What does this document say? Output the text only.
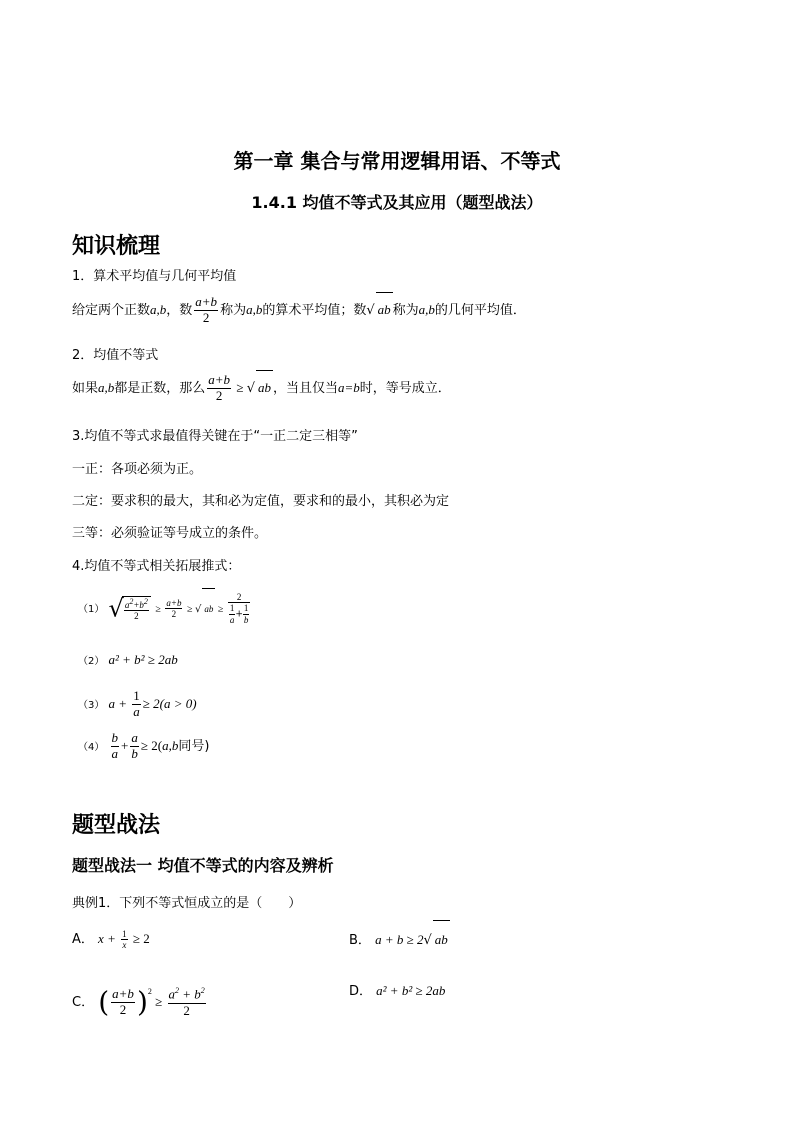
第一章 集合与常用逻辑用语、不等式
1.4.1 均值不等式及其应用（题型战法）
知识梳理
1．算术平均值与几何平均值
给定两个正数a,b，数 $\frac{a+b}{2}$ 称为a,b的算术平均值；数√ ab 称为a,b的几何平均值．
2．均值不等式
如果a,b都是正数，那么 $\frac{a+b}{2}$ ≥ √ ab ，当且仅当a=b时，等号成立．
3.均值不等式求最值得关键在于“一正二定三相等”
一正：各项必须为正。
二定：要求积的最大，其和必为定值，要求和的最小，其积必为定
三等：必须验证等号成立的条件。
4.均值不等式相关拓展推式：
（1） √
$\frac{a^2+b^2}{2} \ge \frac{a+b}{2}$ ≥ √ ab ≥ $\frac{2}{\frac{1}{a} + \frac{1}{b}}$
（2） a² + b² ≥ 2ab
（3） $a + \frac{1}{a} \ge 2(a > 0)$
$(4) \frac{b}{a} + \frac{a}{b} \ge 2(a,b$同号)
题型战法
题型战法一 均值不等式的内容及辨析
典例1．下列不等式恒成立的是（　　）
A． $x + \frac{1}{x} \ge 2$	B． a + b ≥ 2√ ab
C． ( $\frac{a+b}{2} )^2 \ge \frac{a^2 + b^2}{2}$	D． a² + b² ≥ 2ab
